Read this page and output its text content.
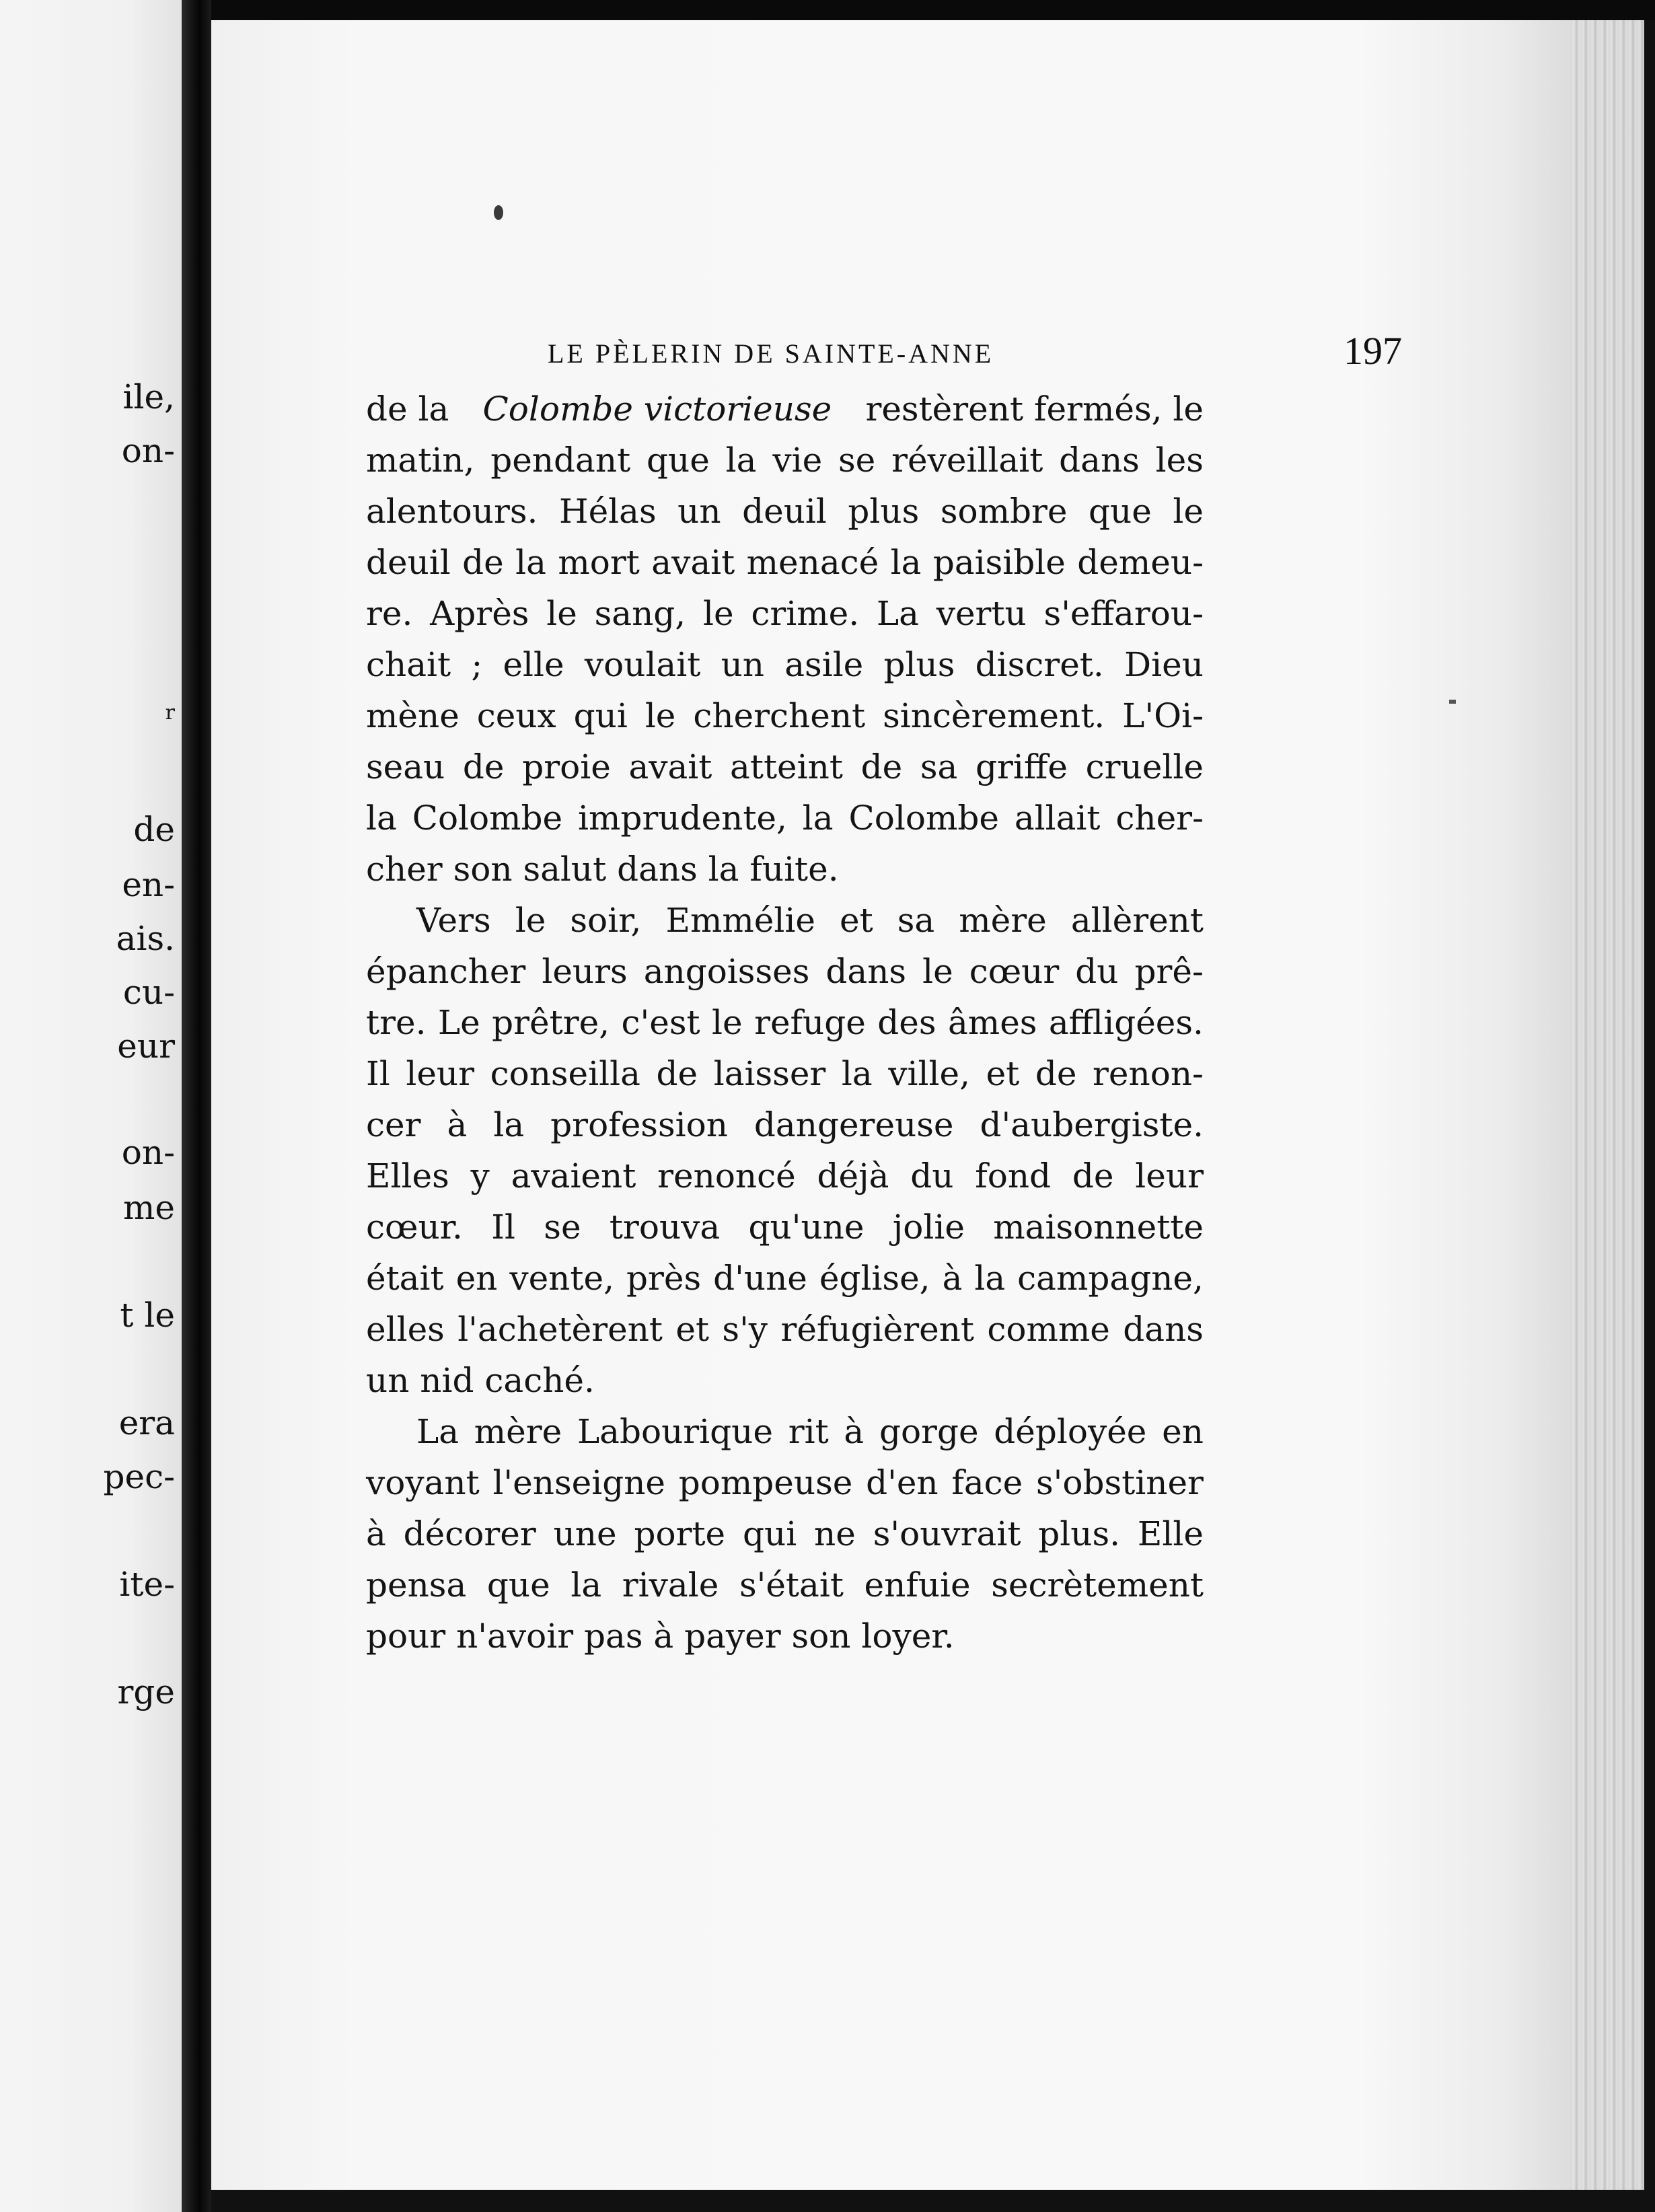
ile,

on-

r

de

en-

ais.

cu-

eur

on-

me

t le

era

pec-

ite-

rge

LE PÈLERIN DE SAINTE-ANNE	197
de la Colombe victorieuse restèrent fermés, le
matin, pendant que la vie se réveillait dans les
alentours. Hélas un deuil plus sombre que le
deuil de la mort avait menacé la paisible demeu-
re. Après le sang, le crime. La vertu s'effarou-
chait ; elle voulait un asile plus discret. Dieu
mène ceux qui le cherchent sincèrement. L'Oi-
seau de proie avait atteint de sa griffe cruelle
la Colombe imprudente, la Colombe allait cher-
cher son salut dans la fuite.
Vers le soir, Emmélie et sa mère allèrent
épancher leurs angoisses dans le cœur du prê-
tre. Le prêtre, c'est le refuge des âmes affligées.
Il leur conseilla de laisser la ville, et de renon-
cer à la profession dangereuse d'aubergiste.
Elles y avaient renoncé déjà du fond de leur
cœur. Il se trouva qu'une jolie maisonnette
était en vente, près d'une église, à la campagne,
elles l'achetèrent et s'y réfugièrent comme dans
un nid caché.
La mère Labourique rit à gorge déployée en
voyant l'enseigne pompeuse d'en face s'obstiner
à décorer une porte qui ne s'ouvrait plus. Elle
pensa que la rivale s'était enfuie secrètement
pour n'avoir pas à payer son loyer.
